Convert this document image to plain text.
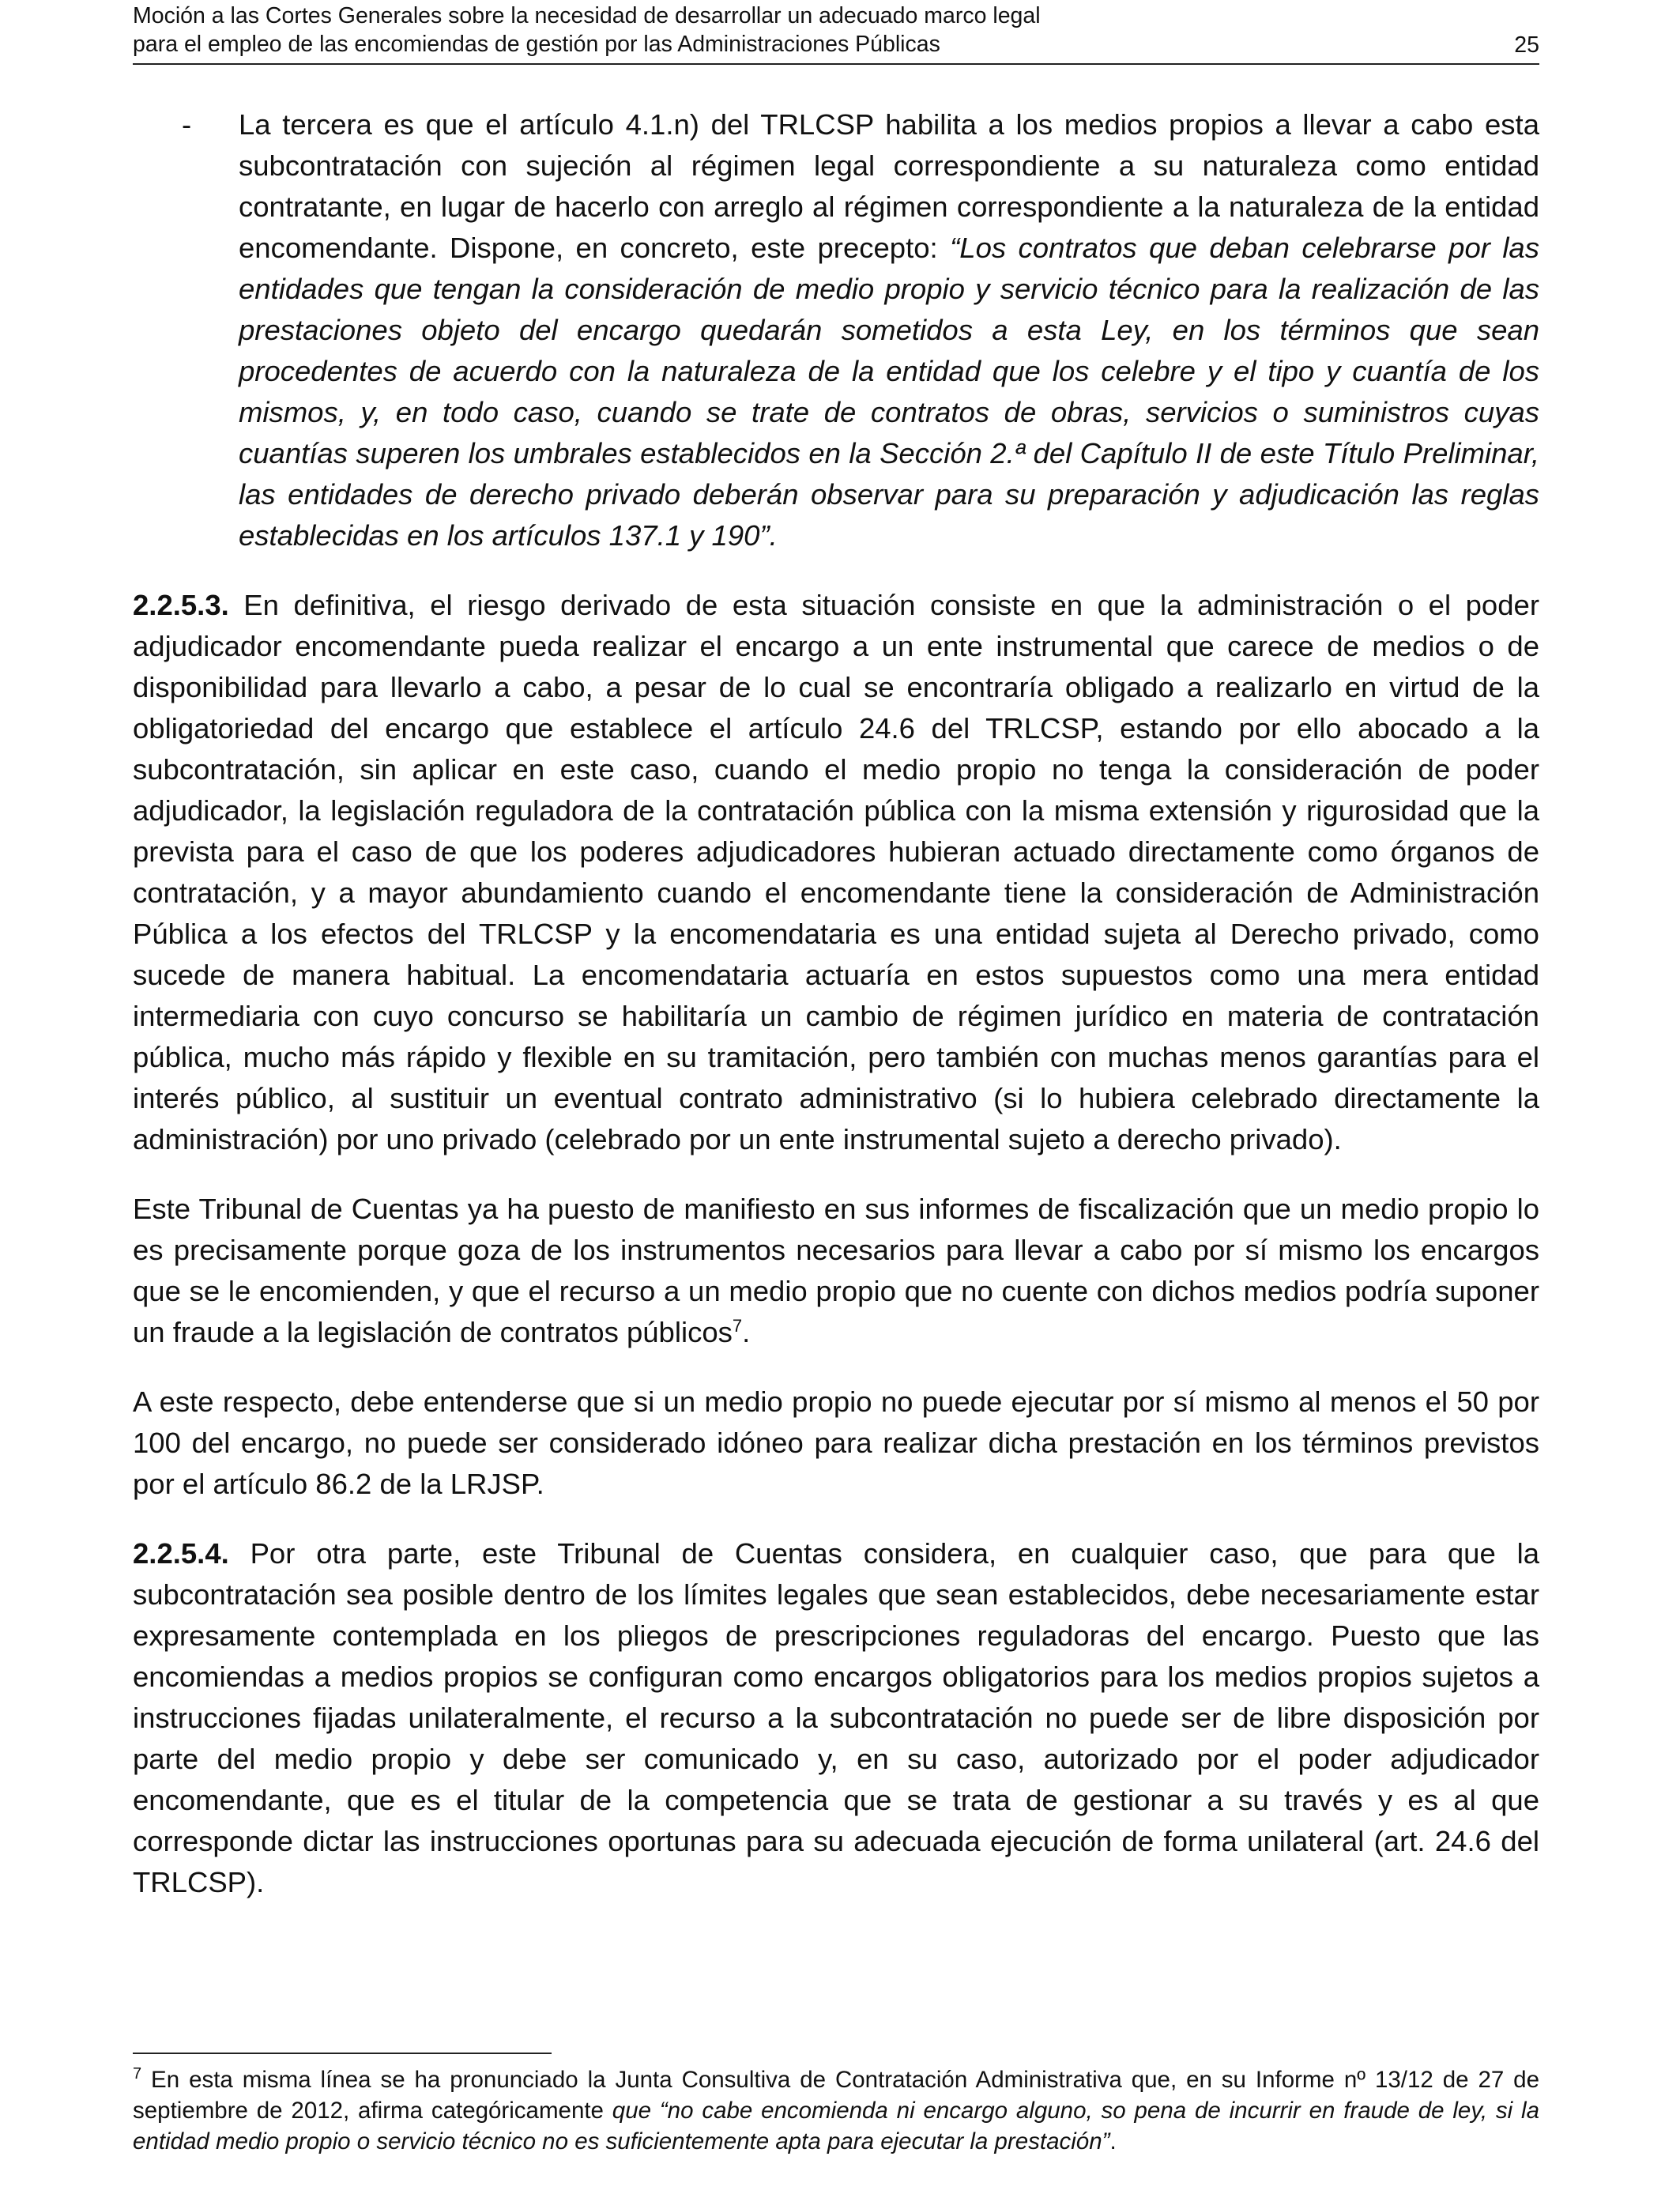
Moción a las Cortes Generales sobre la necesidad de desarrollar un adecuado marco legal
para el empleo de las encomiendas de gestión por las Administraciones Públicas	25
- La tercera es que el artículo 4.1.n) del TRLCSP habilita a los medios propios a llevar a cabo esta subcontratación con sujeción al régimen legal correspondiente a su naturaleza como entidad contratante, en lugar de hacerlo con arreglo al régimen correspondiente a la naturaleza de la entidad encomendante. Dispone, en concreto, este precepto: “Los contratos que deban celebrarse por las entidades que tengan la consideración de medio propio y servicio técnico para la realización de las prestaciones objeto del encargo quedarán sometidos a esta Ley, en los términos que sean procedentes de acuerdo con la naturaleza de la entidad que los celebre y el tipo y cuantía de los mismos, y, en todo caso, cuando se trate de contratos de obras, servicios o suministros cuyas cuantías superen los umbrales establecidos en la Sección 2.ª del Capítulo II de este Título Preliminar, las entidades de derecho privado deberán observar para su preparación y adjudicación las reglas establecidas en los artículos 137.1 y 190”.

2.2.5.3. En definitiva, el riesgo derivado de esta situación consiste en que la administración o el poder adjudicador encomendante pueda realizar el encargo a un ente instrumental que carece de medios o de disponibilidad para llevarlo a cabo, a pesar de lo cual se encontraría obligado a realizarlo en virtud de la obligatoriedad del encargo que establece el artículo 24.6 del TRLCSP, estando por ello abocado a la subcontratación, sin aplicar en este caso, cuando el medio propio no tenga la consideración de poder adjudicador, la legislación reguladora de la contratación pública con la misma extensión y rigurosidad que la prevista para el caso de que los poderes adjudicadores hubieran actuado directamente como órganos de contratación, y a mayor abundamiento cuando el encomendante tiene la consideración de Administración Pública a los efectos del TRLCSP y la encomendataria es una entidad sujeta al Derecho privado, como sucede de manera habitual. La encomendataria actuaría en estos supuestos como una mera entidad intermediaria con cuyo concurso se habilitaría un cambio de régimen jurídico en materia de contratación pública, mucho más rápido y flexible en su tramitación, pero también con muchas menos garantías para el interés público, al sustituir un eventual contrato administrativo (si lo hubiera celebrado directamente la administración) por uno privado (celebrado por un ente instrumental sujeto a derecho privado).

Este Tribunal de Cuentas ya ha puesto de manifiesto en sus informes de fiscalización que un medio propio lo es precisamente porque goza de los instrumentos necesarios para llevar a cabo por sí mismo los encargos que se le encomienden, y que el recurso a un medio propio que no cuente con dichos medios podría suponer un fraude a la legislación de contratos públicos$^7$.

A este respecto, debe entenderse que si un medio propio no puede ejecutar por sí mismo al menos el 50 por 100 del encargo, no puede ser considerado idóneo para realizar dicha prestación en los términos previstos por el artículo 86.2 de la LRJSP.

2.2.5.4. Por otra parte, este Tribunal de Cuentas considera, en cualquier caso, que para que la subcontratación sea posible dentro de los límites legales que sean establecidos, debe necesariamente estar expresamente contemplada en los pliegos de prescripciones reguladoras del encargo. Puesto que las encomiendas a medios propios se configuran como encargos obligatorios para los medios propios sujetos a instrucciones fijadas unilateralmente, el recurso a la subcontratación no puede ser de libre disposición por parte del medio propio y debe ser comunicado y, en su caso, autorizado por el poder adjudicador encomendante, que es el titular de la competencia que se trata de gestionar a su través y es al que corresponde dictar las instrucciones oportunas para su adecuada ejecución de forma unilateral (art. 24.6 del TRLCSP).

$^7$ En esta misma línea se ha pronunciado la Junta Consultiva de Contratación Administrativa que, en su Informe nº 13/12 de 27 de septiembre de 2012, afirma categóricamente que “no cabe encomienda ni encargo alguno, so pena de incurrir en fraude de ley, si la entidad medio propio o servicio técnico no es suficientemente apta para ejecutar la prestación”.
